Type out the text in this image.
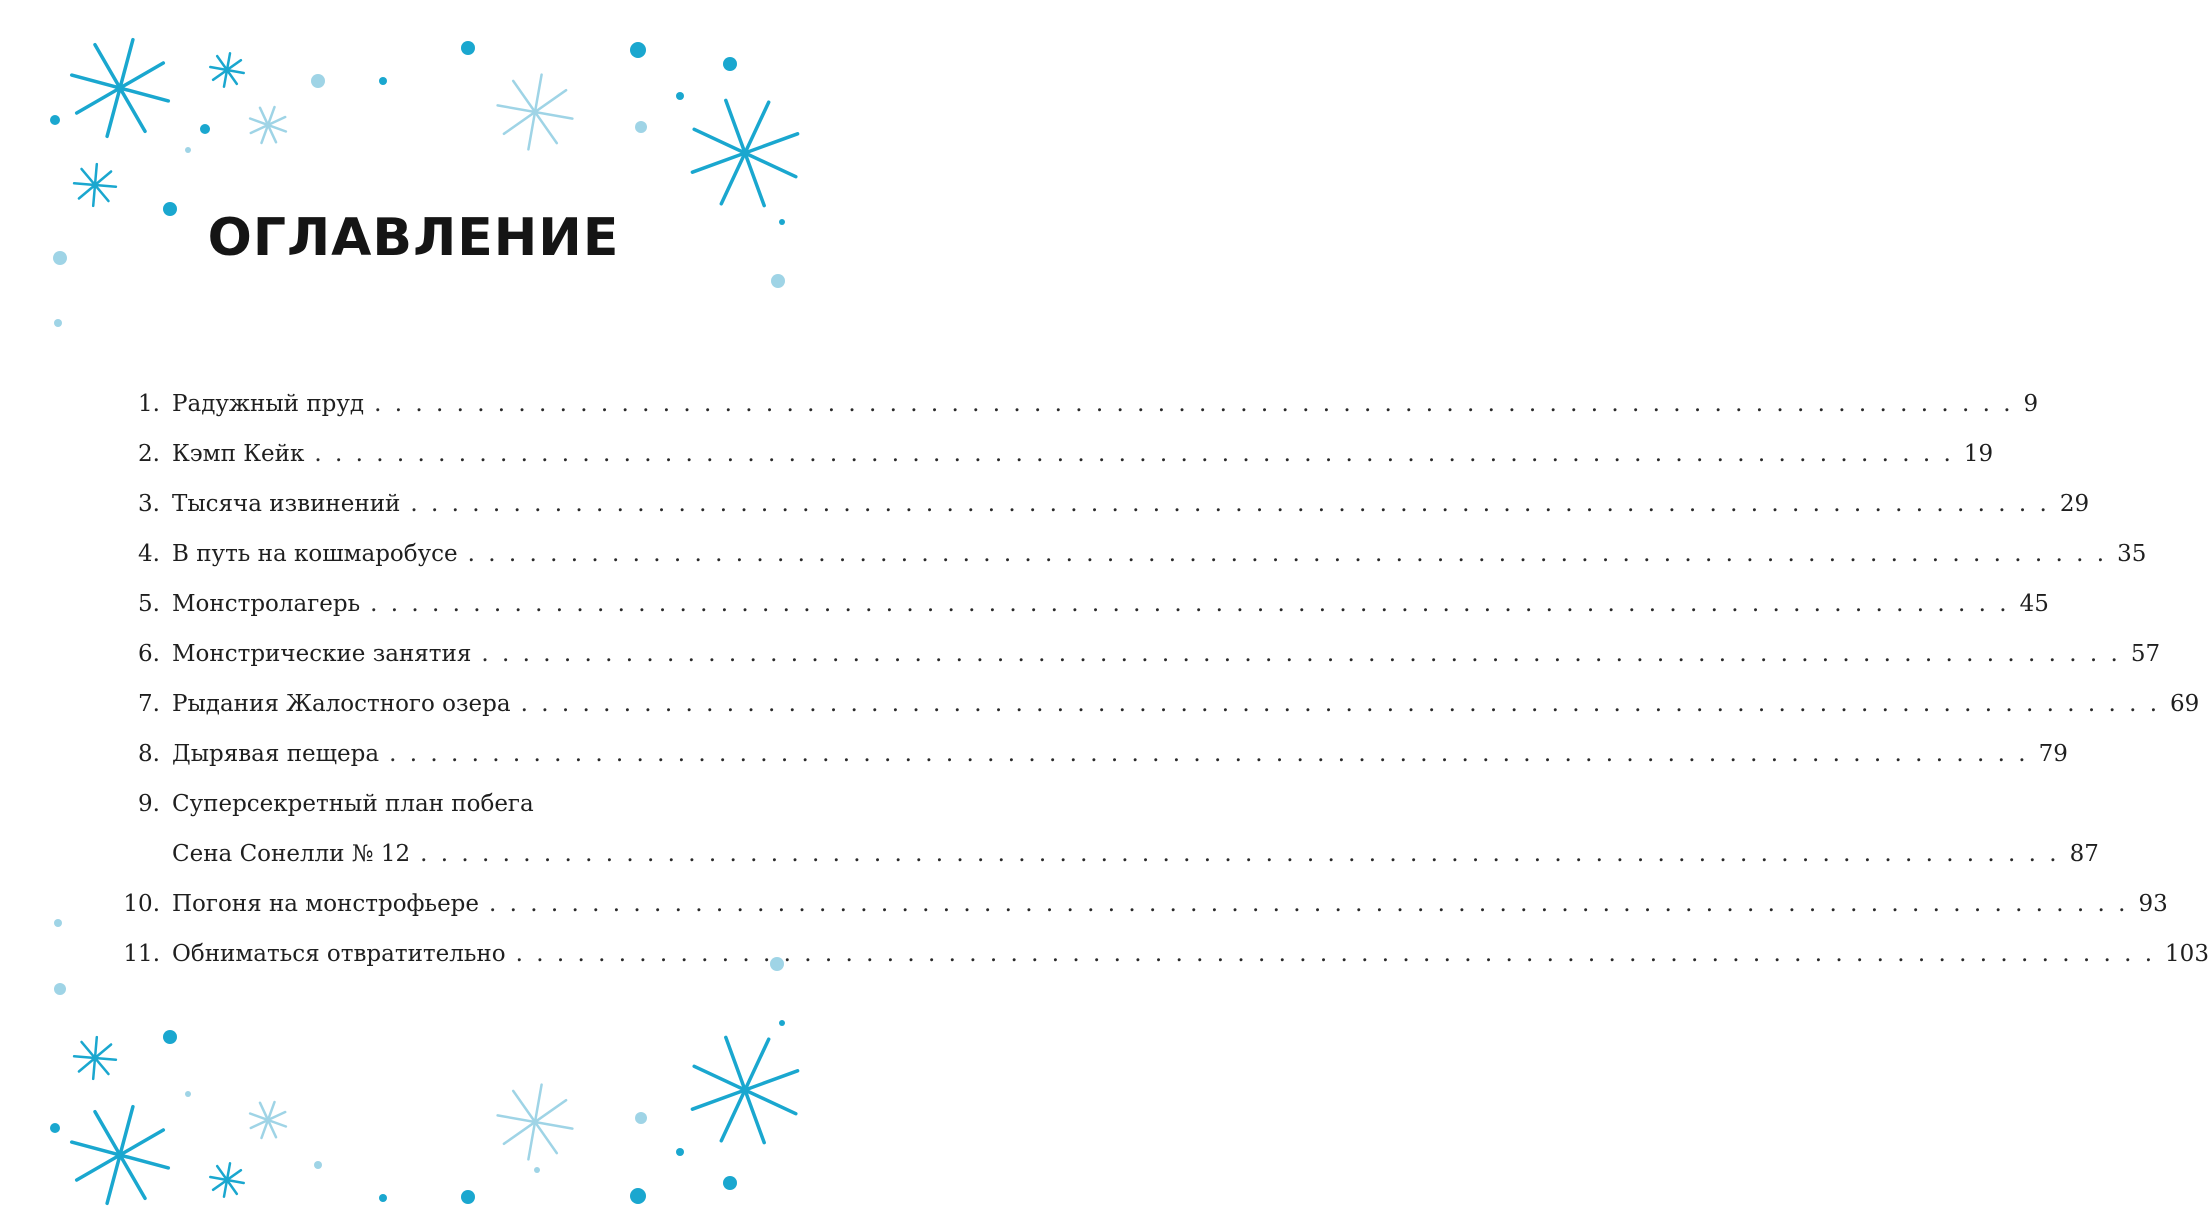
ОГЛАВЛЕНИЕ
1. Радужный пруд . . . . . . . . . . . . . . . . . . . . . . . . . . . . . . . . . . . . . . . . . . . . . . . . . . . . . . . . . . . . . . . . . . . . . . . . . . . . . . . . 9
2. Кэмп Кейк . . . . . . . . . . . . . . . . . . . . . . . . . . . . . . . . . . . . . . . . . . . . . . . . . . . . . . . . . . . . . . . . . . . . . . . . . . . . . . . . 19
3. Тысяча извинений . . . . . . . . . . . . . . . . . . . . . . . . . . . . . . . . . . . . . . . . . . . . . . . . . . . . . . . . . . . . . . . . . . . . . . . . . . . . . . . . 29
4. В путь на кошмаробусе . . . . . . . . . . . . . . . . . . . . . . . . . . . . . . . . . . . . . . . . . . . . . . . . . . . . . . . . . . . . . . . . . . . . . . . . . . . . . . . . 35
5. Монстролагерь . . . . . . . . . . . . . . . . . . . . . . . . . . . . . . . . . . . . . . . . . . . . . . . . . . . . . . . . . . . . . . . . . . . . . . . . . . . . . . . . 45
6. Монстрические занятия . . . . . . . . . . . . . . . . . . . . . . . . . . . . . . . . . . . . . . . . . . . . . . . . . . . . . . . . . . . . . . . . . . . . . . . . . . . . . . . . 57
7. Рыдания Жалостного озера . . . . . . . . . . . . . . . . . . . . . . . . . . . . . . . . . . . . . . . . . . . . . . . . . . . . . . . . . . . . . . . . . . . . . . . . . . . . . . . . 69
8. Дырявая пещера . . . . . . . . . . . . . . . . . . . . . . . . . . . . . . . . . . . . . . . . . . . . . . . . . . . . . . . . . . . . . . . . . . . . . . . . . . . . . . . . 79
9. Суперсекретный план побега
Сена Сонелли № 12 . . . . . . . . . . . . . . . . . . . . . . . . . . . . . . . . . . . . . . . . . . . . . . . . . . . . . . . . . . . . . . . . . . . . . . . . . . . . . . . . 87
10. Погоня на монстрофьере . . . . . . . . . . . . . . . . . . . . . . . . . . . . . . . . . . . . . . . . . . . . . . . . . . . . . . . . . . . . . . . . . . . . . . . . . . . . . . . . 93
11. Обниматься отвратительно . . . . . . . . . . . . . . . . . . . . . . . . . . . . . . . . . . . . . . . . . . . . . . . . . . . . . . . . . . . . . . . . . . . . . . . . . . . . . . . . 103
